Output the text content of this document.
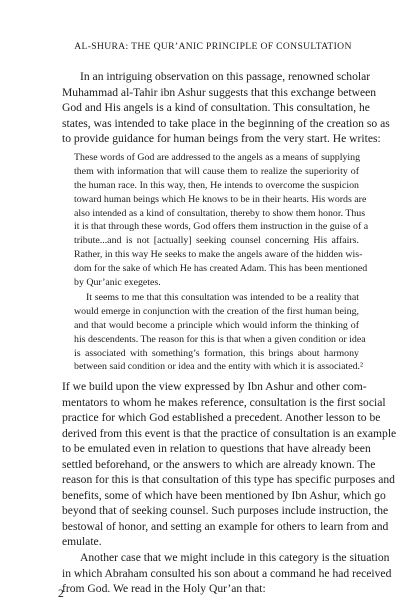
AL-SHURA: THE QUR’ANIC PRINCIPLE OF CONSULTATION
In an intriguing observation on this passage, renowned scholar
Muhammad al-Tahir ibn Ashur suggests that this exchange between
God and His angels is a kind of consultation. This consultation, he
states, was intended to take place in the beginning of the creation so as
to provide guidance for human beings from the very start. He writes:
These words of God are addressed to the angels as a means of supplying
them with information that will cause them to realize the superiority of
the human race. In this way, then, He intends to overcome the suspicion
toward human beings which He knows to be in their hearts. His words are
also intended as a kind of consultation, thereby to show them honor. Thus
it is that through these words, God offers them instruction in the guise of a
tribute...and is not [actually] seeking counsel concerning His affairs.
Rather, in this way He seeks to make the angels aware of the hidden wis-
dom for the sake of which He has created Adam. This has been mentioned
by Qur’anic exegetes.
It seems to me that this consultation was intended to be a reality that
would emerge in conjunction with the creation of the first human being,
and that would become a principle which would inform the thinking of
his descendents. The reason for this is that when a given condition or idea
is associated with something’s formation, this brings about harmony
between said condition or idea and the entity with which it is associated.²
If we build upon the view expressed by Ibn Ashur and other com-
mentators to whom he makes reference, consultation is the first social
practice for which God established a precedent. Another lesson to be
derived from this event is that the practice of consultation is an example
to be emulated even in relation to questions that have already been
settled beforehand, or the answers to which are already known. The
reason for this is that consultation of this type has specific purposes and
benefits, some of which have been mentioned by Ibn Ashur, which go
beyond that of seeking counsel. Such purposes include instruction, the
bestowal of honor, and setting an example for others to learn from and
emulate.
Another case that we might include in this category is the situation
in which Abraham consulted his son about a command he had received
from God. We read in the Holy Qur’an that:
2
